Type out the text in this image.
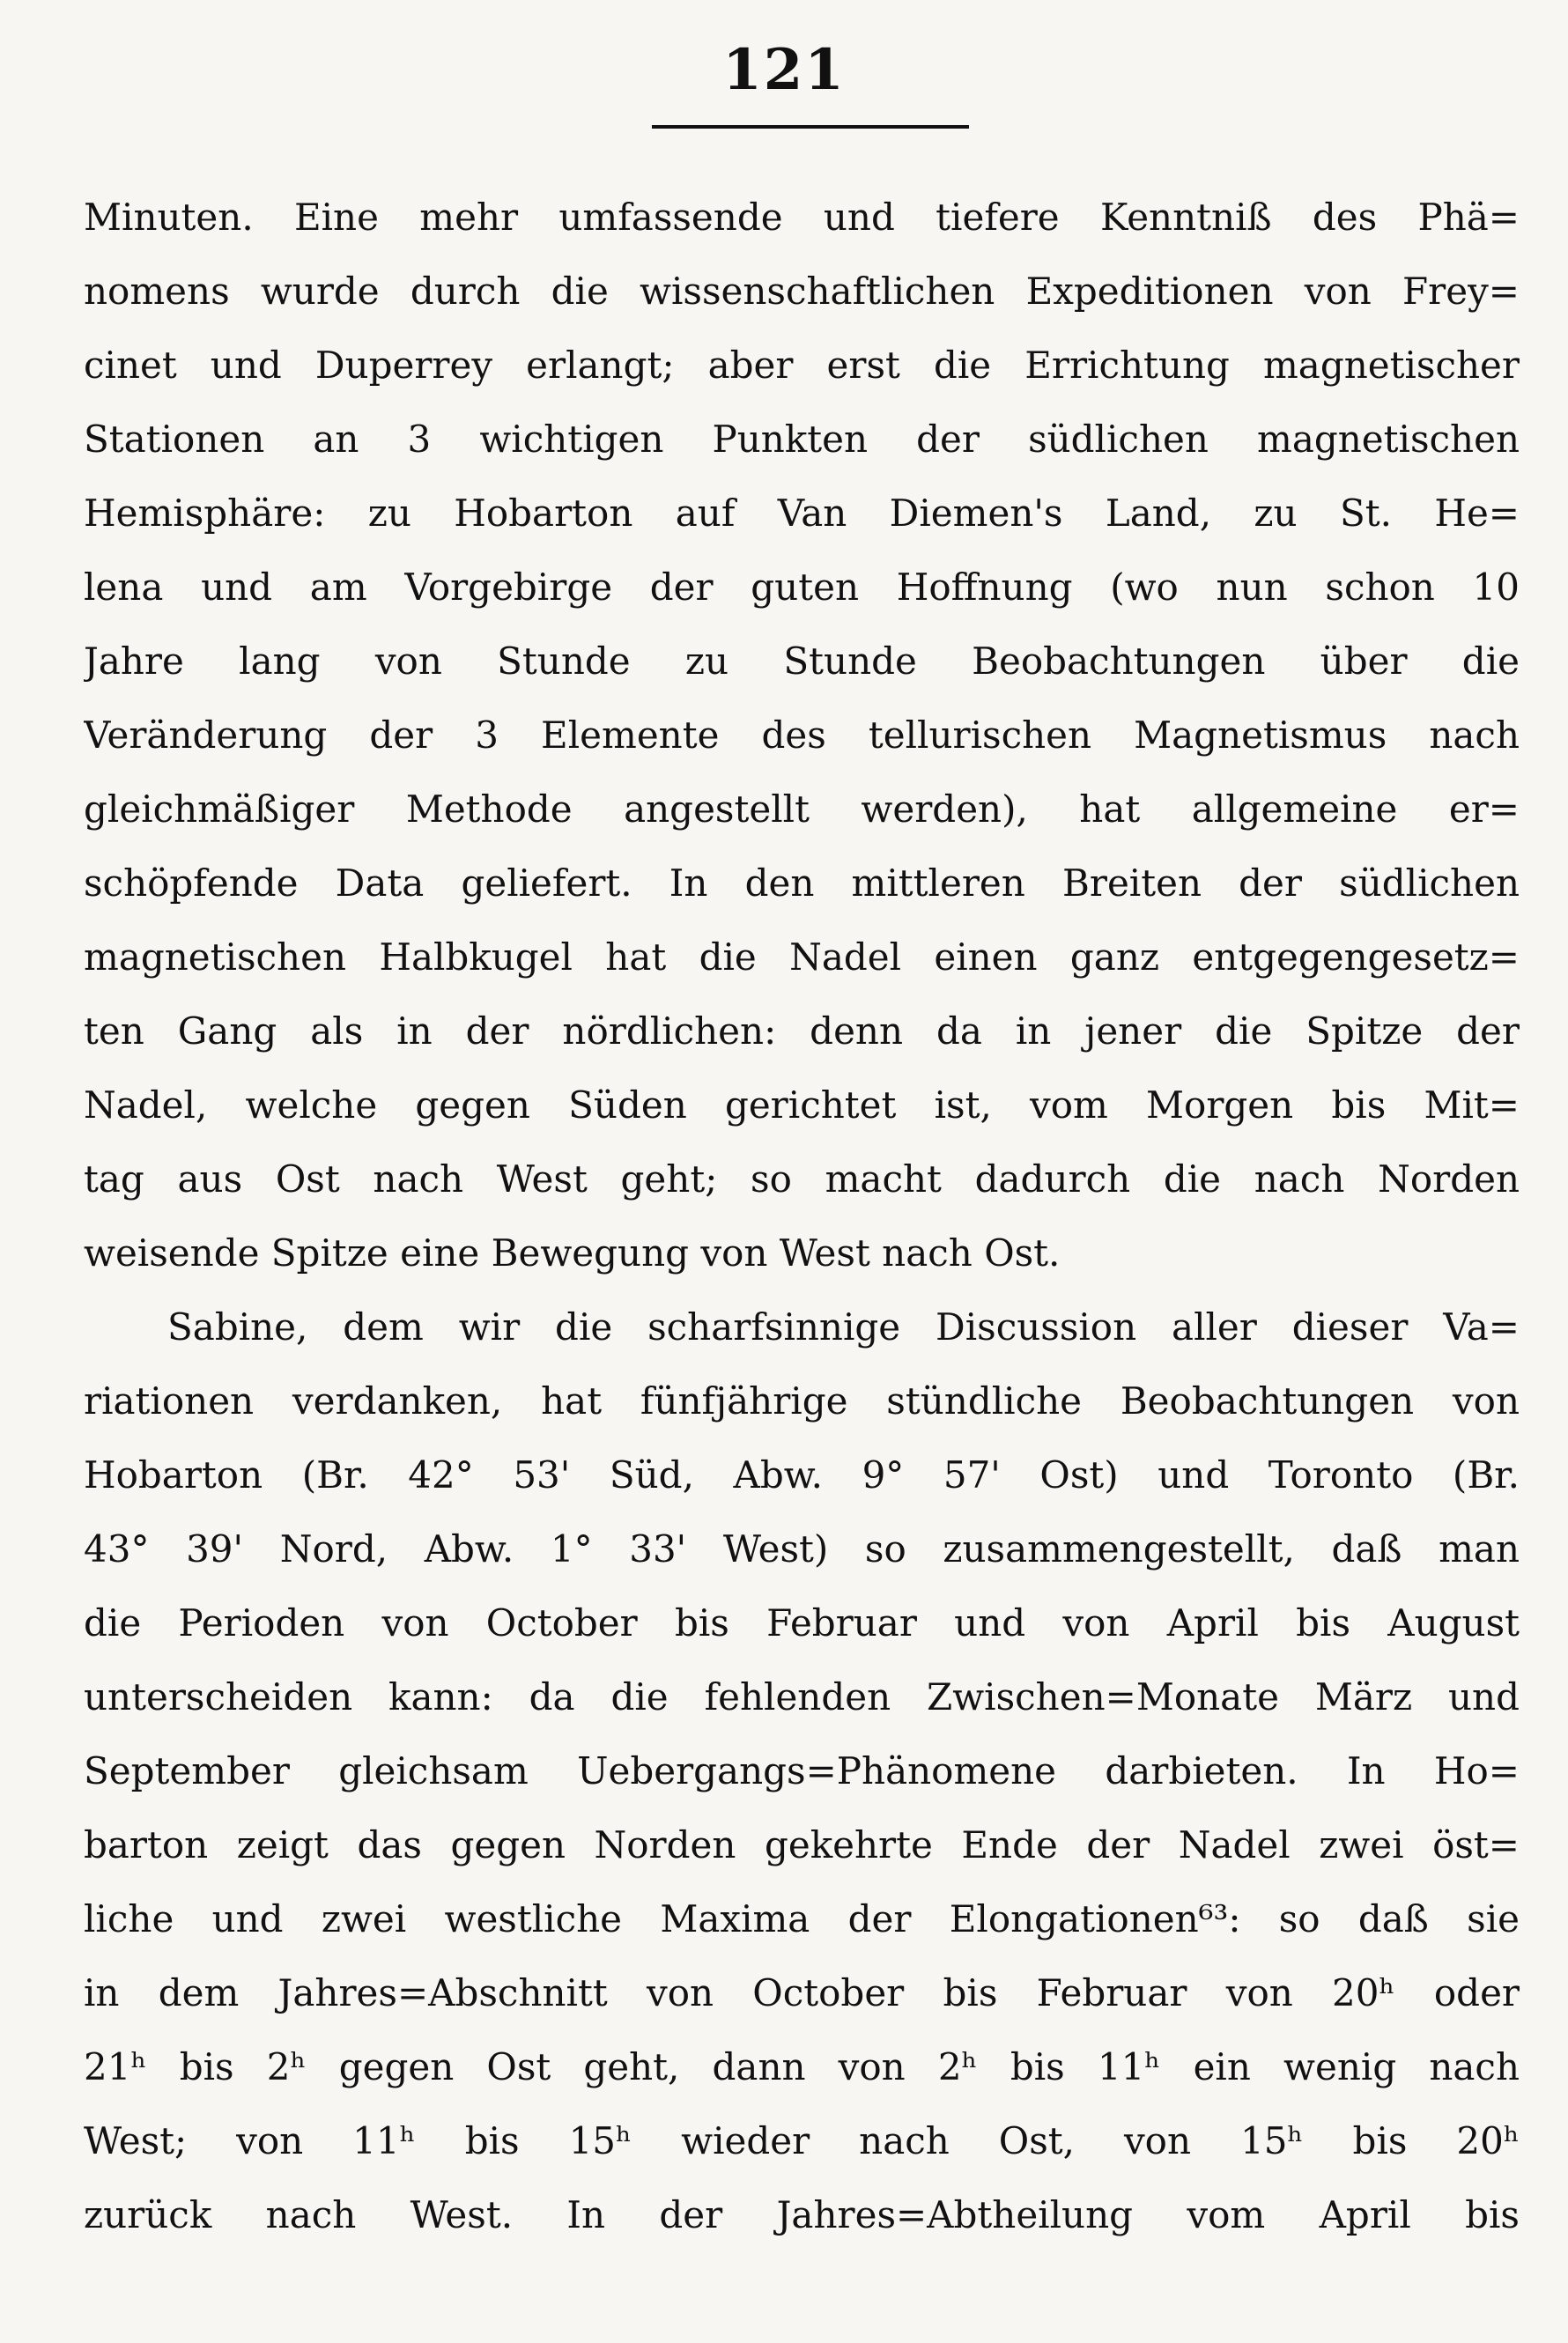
121
Minuten. Eine mehr umfassende und tiefere Kenntniß des Phä=
nomens wurde durch die wissenschaftlichen Expeditionen von Frey=
cinet und Duperrey erlangt; aber erst die Errichtung magnetischer
Stationen an 3 wichtigen Punkten der südlichen magnetischen
Hemisphäre: zu Hobarton auf Van Diemen's Land, zu St. He=
lena und am Vorgebirge der guten Hoffnung (wo nun schon 10
Jahre lang von Stunde zu Stunde Beobachtungen über die
Veränderung der 3 Elemente des tellurischen Magnetismus nach
gleichmäßiger Methode angestellt werden), hat allgemeine er=
schöpfende Data geliefert. In den mittleren Breiten der südlichen
magnetischen Halbkugel hat die Nadel einen ganz entgegengesetz=
ten Gang als in der nördlichen: denn da in jener die Spitze der
Nadel, welche gegen Süden gerichtet ist, vom Morgen bis Mit=
tag aus Ost nach West geht; so macht dadurch die nach Norden
weisende Spitze eine Bewegung von West nach Ost.
Sabine, dem wir die scharfsinnige Discussion aller dieser Va=
riationen verdanken, hat fünfjährige stündliche Beobachtungen von
Hobarton (Br. 42° 53' Süd, Abw. 9° 57' Ost) und Toronto (Br.
43° 39' Nord, Abw. 1° 33' West) so zusammengestellt, daß man
die Perioden von October bis Februar und von April bis August
unterscheiden kann: da die fehlenden Zwischen=Monate März und
September gleichsam Uebergangs=Phänomene darbieten. In Ho=
barton zeigt das gegen Norden gekehrte Ende der Nadel zwei öst=
liche und zwei westliche Maxima der Elongationen⁶³: so daß sie
in dem Jahres=Abschnitt von October bis Februar von 20ʰ oder
21ʰ bis 2ʰ gegen Ost geht, dann von 2ʰ bis 11ʰ ein wenig nach
West; von 11ʰ bis 15ʰ wieder nach Ost, von 15ʰ bis 20ʰ
zurück nach West. In der Jahres=Abtheilung vom April bis
